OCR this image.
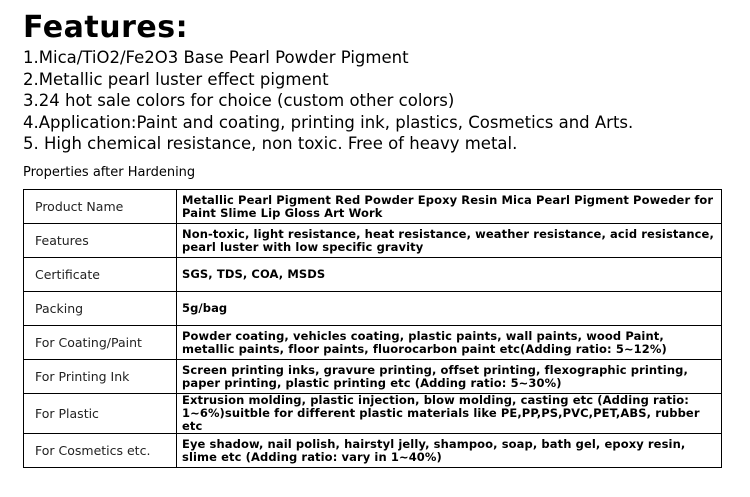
Features:
1.Mica/TiO2/Fe2O3 Base Pearl Powder Pigment
2.Metallic pearl luster effect pigment
3.24 hot sale colors for choice (custom other colors)
4.Application:Paint and coating, printing ink, plastics, Cosmetics and Arts.
5. High chemical resistance, non toxic. Free of heavy metal.
Properties after Hardening
Product Name	Metallic Pearl Pigment Red Powder Epoxy Resin Mica Pearl Pigment Poweder for Paint Slime Lip Gloss Art Work

Features	Non-toxic, light resistance, heat resistance, weather resistance, acid resistance, pearl luster with low specific gravity

Certificate	SGS, TDS, COA, MSDS

Packing	5g/bag

For Coating/Paint	Powder coating, vehicles coating, plastic paints, wall paints, wood Paint, metallic paints, floor paints, fluorocarbon paint etc(Adding ratio: 5~12%)

For Printing Ink	Screen printing inks, gravure printing, offset printing, flexographic printing, paper printing, plastic printing etc (Adding ratio: 5~30%)

For Plastic	Extrusion molding, plastic injection, blow molding, casting etc (Adding ratio: 1~6%)suitble for different plastic materials like PE,PP,PS,PVC,PET,ABS, rubber etc

For Cosmetics etc.	Eye shadow, nail polish, hairstyl jelly, shampoo, soap, bath gel, epoxy resin, slime etc (Adding ratio: vary in 1~40%)
